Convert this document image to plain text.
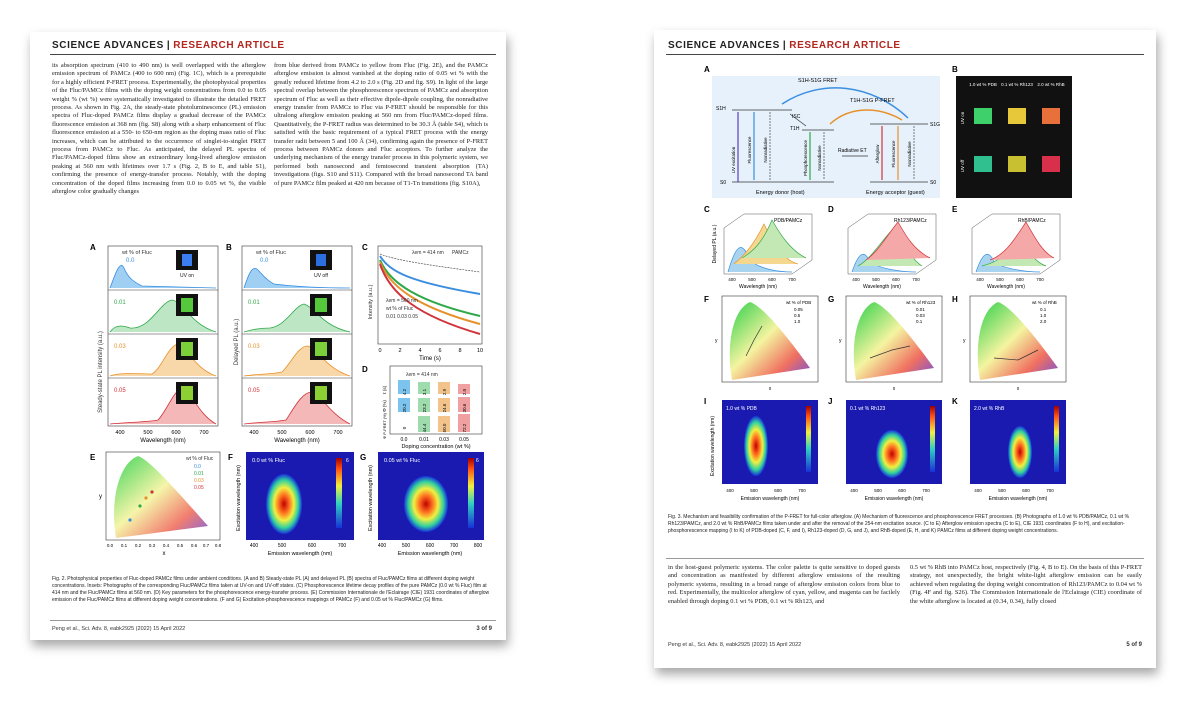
SCIENCE ADVANCES | RESEARCH ARTICLE
its absorption spectrum (410 to 490 nm) is well overlapped with the afterglow emission spectrum of PAMCz (400 to 600 nm) (Fig. 1C), which is a prerequisite for a highly efficient P-FRET process. Experimentally, the photophysical properties of the Fluc/PAMCz films with the doping weight concentrations from 0.0 to 0.05 weight % (wt %) were systematically investigated to illustrate the detailed FRET process. As shown in Fig. 2A, the steady-state photoluminescence (PL) emission spectra of Fluc-doped PAMCz films display a gradual decrease of the PAMCz fluorescence emission at 368 nm (fig. S8) along with a sharp enhancement of Fluc fluorescence emission at a 550- to 650-nm region as the doping mass ratio of Fluc increases, which can be attributed to the occurrence of singlet-to-singlet FRET process from PAMCz to Fluc. As anticipated, the delayed PL spectra of Fluc/PAMCz-doped films show an extraordinary long-lived afterglow emission peaking at 560 nm with lifetimes over 1.7 s (Fig. 2, B to E, and table S1), confirming the presence of energy-transfer process. Notably, with the doping concentration of the doped films increasing from 0.0 to 0.05 wt %, the visible afterglow color gradually changes
from blue derived from PAMCz to yellow from Fluc (Fig. 2E), and the PAMCz afterglow emission is almost vanished at the doping ratio of 0.05 wt % with the greatly reduced lifetime from 4.2 to 2.0 s (Fig. 2D and fig. S9). In light of the large spectral overlap between the phosphorescence spectrum of PAMCz and absorption spectrum of Fluc as well as their effective dipole-dipole coupling, the nonradiative energy transfer from PAMCz to Fluc via P-FRET should be responsible for this ultralong afterglow emission peaking at 560 nm from Fluc/PAMCz-doped films. Quantitatively, the P-FRET radius was determined to be 30.3 Å (table S4), which is satisfied with the basic requirement of a typical FRET process with the energy transfer radii between 5 and 100 Å (34), confirming again the presence of P-FRET process between PAMCz donors and Fluc acceptors. To further analyze the underlying mechanism of the energy transfer process in this polymeric system, we performed both nanosecond and femtosecond transient absorption (TA) investigations (figs. S10 and S11). Compared with the broad nanosecond TA band of pure PAMCz film peaked at 420 nm because of T1-Tn transitions (fig. S10A),
A
Steady-state PL intensity (a.u.)
wt % of Fluc
0.0
0.01
0.03
0.05
UV on
400	500	600	700
Wavelength (nm)
B
Delayed PL (a.u.)
wt % of Fluc
0.0
0.01
0.03
0.05
UV off
400	500	600	700
Wavelength (nm)
C
Intensity (a.u.)
λem = 414 nm PAMCz
λem = 560 nm
wt % of Fluc
0.01 0.03 0.05
0	2	4	6	8	10
Time (s)
D
λem = 414 nm
τ (s)
Φ (%)
Φ P-FRET (%)
4.2	3.1	2.9	2.0
20.2	23.2	24.6	30.6
0	44.4	50.0	72.2
0.0 0.01 0.03 0.05
Doping concentration (wt %)
E	wt % of Fluc
0.0
0.01
0.03
0.05
y
0.0 0.1 0.2 0.3 0.4 0.5 0.6 0.7 0.8
x
F
Excitation wavelength (nm)
0.0 wt % Fluc	6
400	500	600	700
Emission wavelength (nm)
G
Excitation wavelength (nm)
0.05 wt % Fluc	6
400	500	600	700	800
Emission wavelength (nm)
Fig. 2. Photophysical properties of Fluc-doped PAMCz films under ambient conditions. (A and B) Steady-state PL (A) and delayed PL (B) spectra of Fluc/PAMCz films at different doping weight concentrations. Insets: Photographs of the corresponding Fluc/PAMCz films taken at UV-on and UV-off states. (C) Phosphorescence lifetime decay profiles of the pure PAMCz (0.0 wt % Fluc) film at 414 nm and the Fluc/PAMCz films at 560 nm. (D) Key parameters for the phosphorescence energy-transfer process. (E) Commission Internationale de l'Eclairage (CIE) 1931 coordinates of afterglow emission of the Fluc/PAMCz films at different doping weight concentrations. (F and G) Excitation-phosphorescence mappings of PAMCz (F) and 0.05 wt % Fluc/PAMCz (G) films.
Peng et al., Sci. Adv. 8, eabk2925 (2022) 15 April 2022	3 of 9
SCIENCE ADVANCES | RESEARCH ARTICLE
A
S1H-S1G FRET
T1H-S1G P-FRET
ISC
Radiative ET
S1H
T1H
S0
S1G
S0
UV excitation Fluorescence Nonradiative	Phosphorescence Nonradiative	Afterglow Fluorescence Nonradiative
Energy donor (host)	Energy acceptor (guest)
B
1.0 wt % PDB 0.1 wt % Rh123 2.0 wt % RhB
UV on
UV off
C	D	E
PDB/PAMCz	Rh123/PAMCz	RhB/PAMCz
Delayed PL (a.u.)
400	500	600	700
Wavelength (nm)
400	500	600	700
Wavelength (nm)
400	500	600	700
Wavelength (nm)
F	G	H
wt % of PDB
0.05
0.5
1.0
wt % of Rh123
0.01
0.03
0.1
wt % of RhB
0.1
1.0
2.0
y	y	y
x	x	x
I	J	K
Excitation wavelength (nm)
1.0 wt % PDB	0.1 wt % Rh123	2.0 wt % RhB
400	500	600	700
Emission wavelength (nm)
400	500	600	700
Emission wavelength (nm)
400	500	600	700
Emission wavelength (nm)
Fig. 3. Mechanism and feasibility confirmation of the P-FRET for full-color afterglow. (A) Mechanism of fluorescence and phosphorescence FRET processes. (B) Photographs of 1.0 wt % PDB/PAMCz, 0.1 wt % Rh123/PAMCz, and 2.0 wt % RhB/PAMCz films taken under and after the removal of the 254-nm excitation source. (C to E) Afterglow emission spectra (C to E), CIE 1931 coordinates (F to H), and excitation-phosphorescence mapping (I to K) of PDB-doped (C, F, and I), Rh123-doped (D, G, and J), and RhB-doped (E, H, and K) PAMCz films at different doping weight concentrations.
in the host-guest polymeric systems. The color palette is quite sensitive to doped guests and concentration as manifested by different afterglow emissions of the resulting polymeric systems, resulting in a broad range of afterglow emission colors from blue to red. Experimentally, the multicolor afterglow of cyan, yellow, and magenta can be facilely enabled through doping 0.1 wt % PDB, 0.1 wt % Rh123, and
0.5 wt % RhB into PAMCz host, respectively (Fig. 4, B to E). On the basis of this P-FRET strategy, not unexpectedly, the bright white-light afterglow emission can be easily achieved when regulating the doping weight concentration of Rh123/PAMCz to 0.04 wt % (Fig. 4F and fig. S26). The Commission Internationale de l'Eclairage (CIE) coordinate of the white afterglow is located at (0.34, 0.34), fully closed
Peng et al., Sci. Adv. 8, eabk2925 (2022) 15 April 2022	5 of 9
